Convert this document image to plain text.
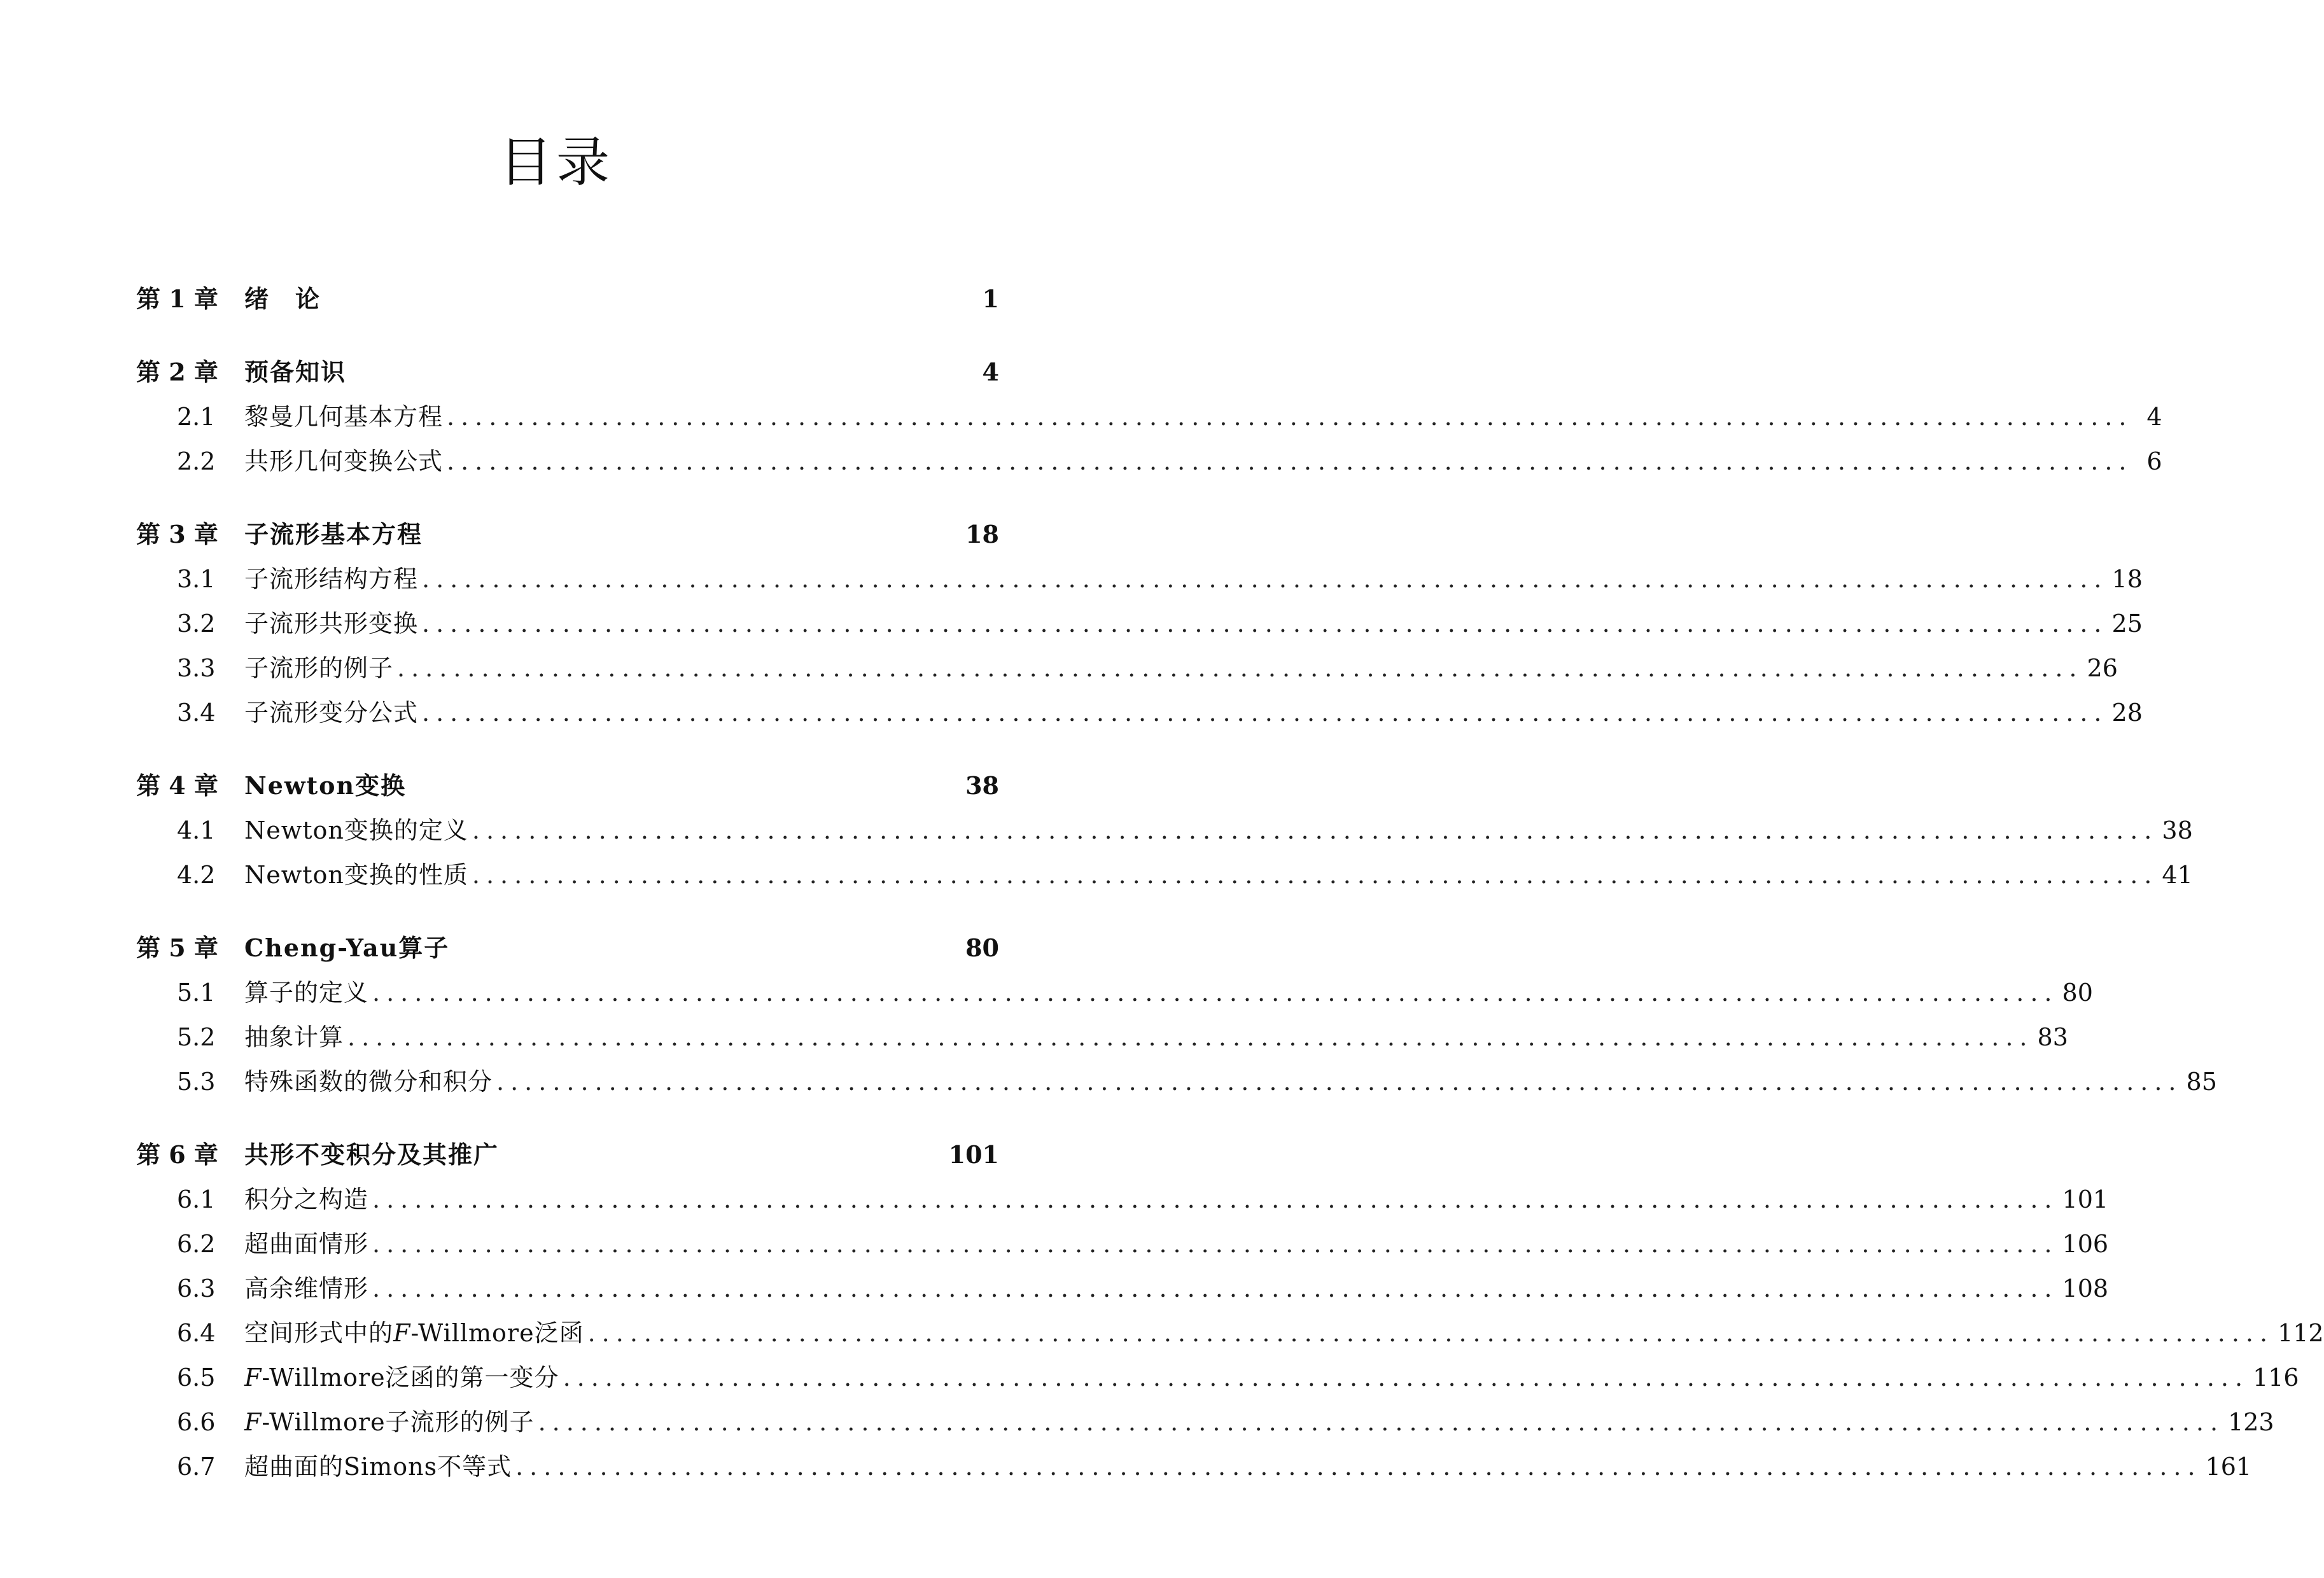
目录
第 1 章	绪　论	1
第 2 章	预备知识	4
2.1	黎曼几何基本方程 ........................................................................................................................ 4
2.2	共形几何变换公式 ........................................................................................................................ 6
第 3 章	子流形基本方程	18
3.1	子流形结构方程 ........................................................................................................................ 18
3.2	子流形共形变换 ........................................................................................................................ 25
3.3	子流形的例子 ........................................................................................................................ 26
3.4	子流形变分公式 ........................................................................................................................ 28
第 4 章	Newton变换	38
4.1	Newton变换的定义 ........................................................................................................................ 38
4.2	Newton变换的性质 ........................................................................................................................ 41
第 5 章	Cheng-Yau算子	80
5.1	算子的定义 ........................................................................................................................ 80
5.2	抽象计算 ........................................................................................................................ 83
5.3	特殊函数的微分和积分 ........................................................................................................................ 85
第 6 章	共形不变积分及其推广	101
6.1	积分之构造 ........................................................................................................................ 101
6.2	超曲面情形 ........................................................................................................................ 106
6.3	高余维情形 ........................................................................................................................ 108
6.4	空间形式中的F-Willmore泛函 ........................................................................................................................ 112
6.5	F-Willmore泛函的第一变分 ........................................................................................................................ 116
6.6	F-Willmore子流形的例子 ........................................................................................................................ 123
6.7	超曲面的Simons不等式 ........................................................................................................................ 161
